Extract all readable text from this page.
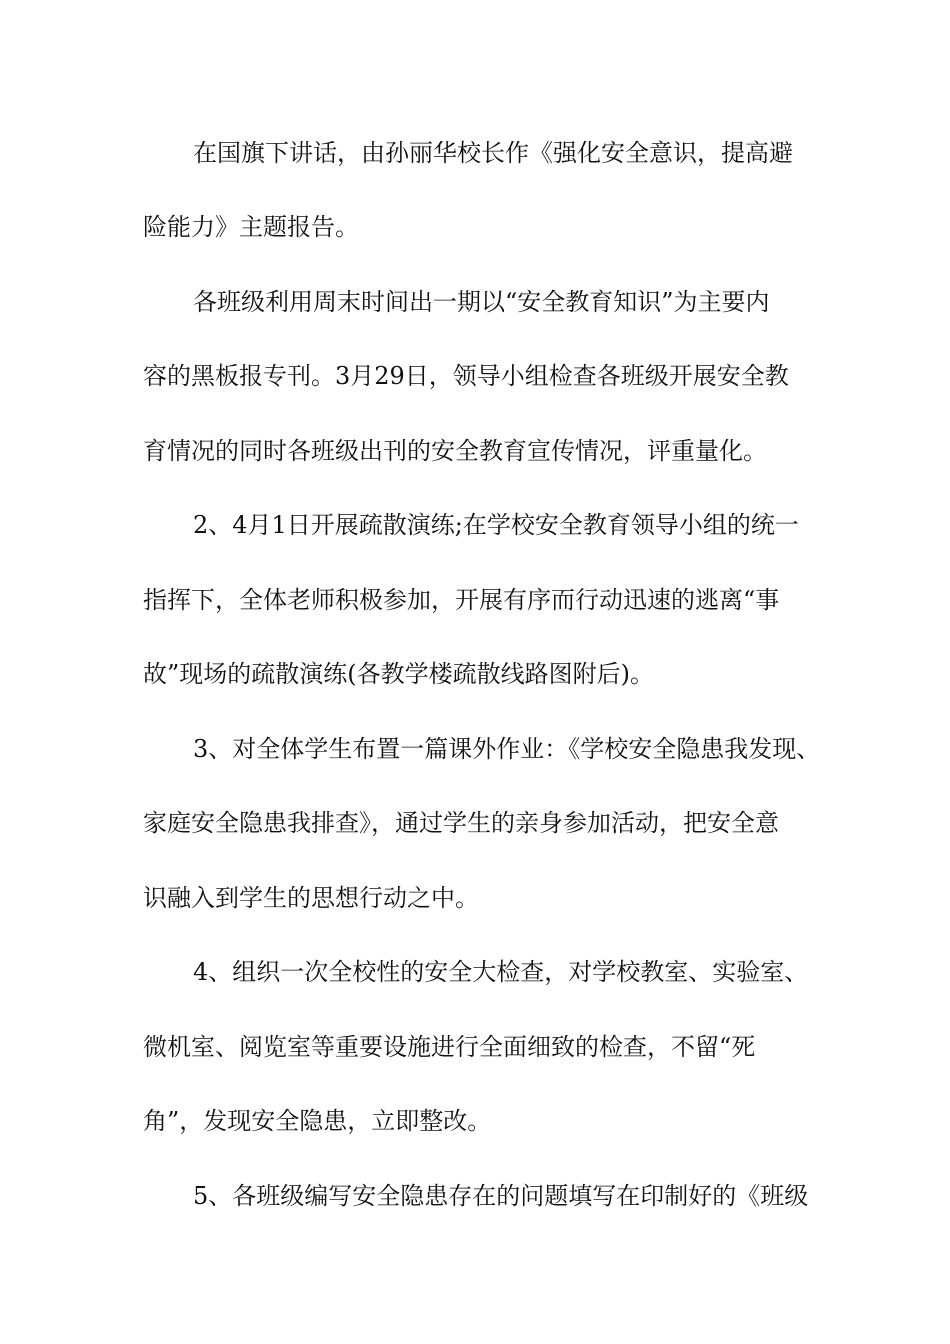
在国旗下讲话，由孙丽华校长作《强化安全意识，提高避
险能力》主题报告。
各班级利用周末时间出一期以“安全教育知识”为主要内
容的黑板报专刊。3月29日，领导小组检查各班级开展安全教
育情况的同时各班级出刊的安全教育宣传情况，评重量化。
2、4月1日开展疏散演练;在学校安全教育领导小组的统一
指挥下，全体老师积极参加，开展有序而行动迅速的逃离“事
故”现场的疏散演练(各教学楼疏散线路图附后)。
3、对全体学生布置一篇课外作业：《学校安全隐患我发现、
家庭安全隐患我排查》，通过学生的亲身参加活动，把安全意
识融入到学生的思想行动之中。
4、组织一次全校性的安全大检查，对学校教室、实验室、
微机室、阅览室等重要设施进行全面细致的检查，不留“死
角”，发现安全隐患，立即整改。
5、各班级编写安全隐患存在的问题填写在印制好的《班级
